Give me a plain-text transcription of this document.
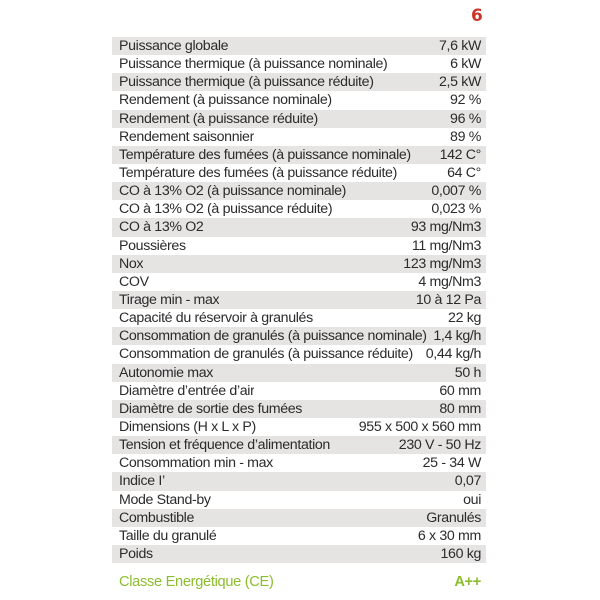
6
Puissance globale	7,6 kW
Puissance thermique (à puissance nominale)	6 kW
Puissance thermique (à puissance réduite)	2,5 kW
Rendement (à puissance nominale)	92 %
Rendement (à puissance réduite)	96 %
Rendement saisonnier	89 %
Température des fumées (à puissance nominale) 142 C°
Température des fumées (à puissance réduite)	64 C°
CO à 13% O2 (à puissance nominale)	0,007 %
CO à 13% O2 (à puissance réduite)	0,023 %
CO à 13% O2	93 mg/Nm3
Poussières	11 mg/Nm3
Nox	123 mg/Nm3
COV	4 mg/Nm3
Tirage min - max	10 à 12 Pa
Capacité du réservoir à granulés	22 kg
Consommation de granulés (à puissance nominale) 1,4 kg/h
Consommation de granulés (à puissance réduite) 0,44 kg/h
Autonomie max	50 h
Diamètre d’entrée d’air	60 mm
Diamètre de sortie des fumées	80 mm
Dimensions (H x L x P)	955 x 500 x 560 mm
Tension et fréquence d’alimentation	230 V - 50 Hz
Consommation min - max	25 - 34 W
Indice I’	0,07
Mode Stand-by	oui
Combustible	Granulés
Taille du granulé	6 x 30 mm
Poids	160 kg
Classe Energétique (CE)	A++
